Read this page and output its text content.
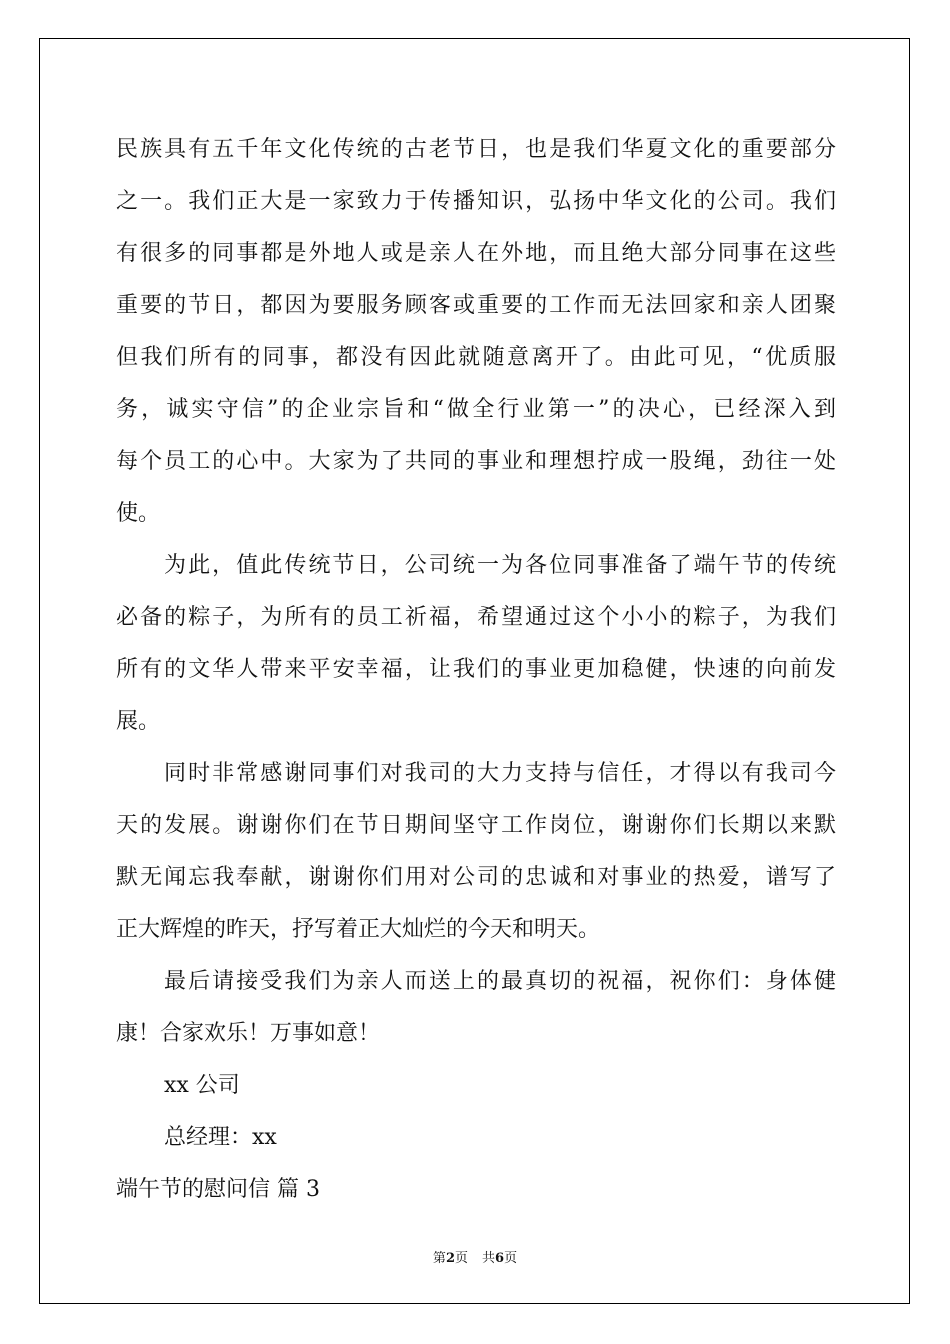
民族具有五千年文化传统的古老节日，也是我们华夏文化的重要部分
之一。我们正大是一家致力于传播知识，弘扬中华文化的公司。我们
有很多的同事都是外地人或是亲人在外地，而且绝大部分同事在这些
重要的节日，都因为要服务顾客或重要的工作而无法回家和亲人团聚
但我们所有的同事，都没有因此就随意离开了。由此可见，“优质服
务，诚实守信”的企业宗旨和“做全行业第一”的决心，已经深入到
每个员工的心中。大家为了共同的事业和理想拧成一股绳，劲往一处
使。
为此，值此传统节日，公司统一为各位同事准备了端午节的传统
必备的粽子，为所有的员工祈福，希望通过这个小小的粽子，为我们
所有的文华人带来平安幸福，让我们的事业更加稳健，快速的向前发
展。
同时非常感谢同事们对我司的大力支持与信任，才得以有我司今
天的发展。谢谢你们在节日期间坚守工作岗位，谢谢你们长期以来默
默无闻忘我奉献，谢谢你们用对公司的忠诚和对事业的热爱，谱写了
正大辉煌的昨天，抒写着正大灿烂的今天和明天。
最后请接受我们为亲人而送上的最真切的祝福，祝你们：身体健
康！合家欢乐！万事如意！
xx 公司
总经理：xx
端午节的慰问信 篇 3
第2页 共6页
